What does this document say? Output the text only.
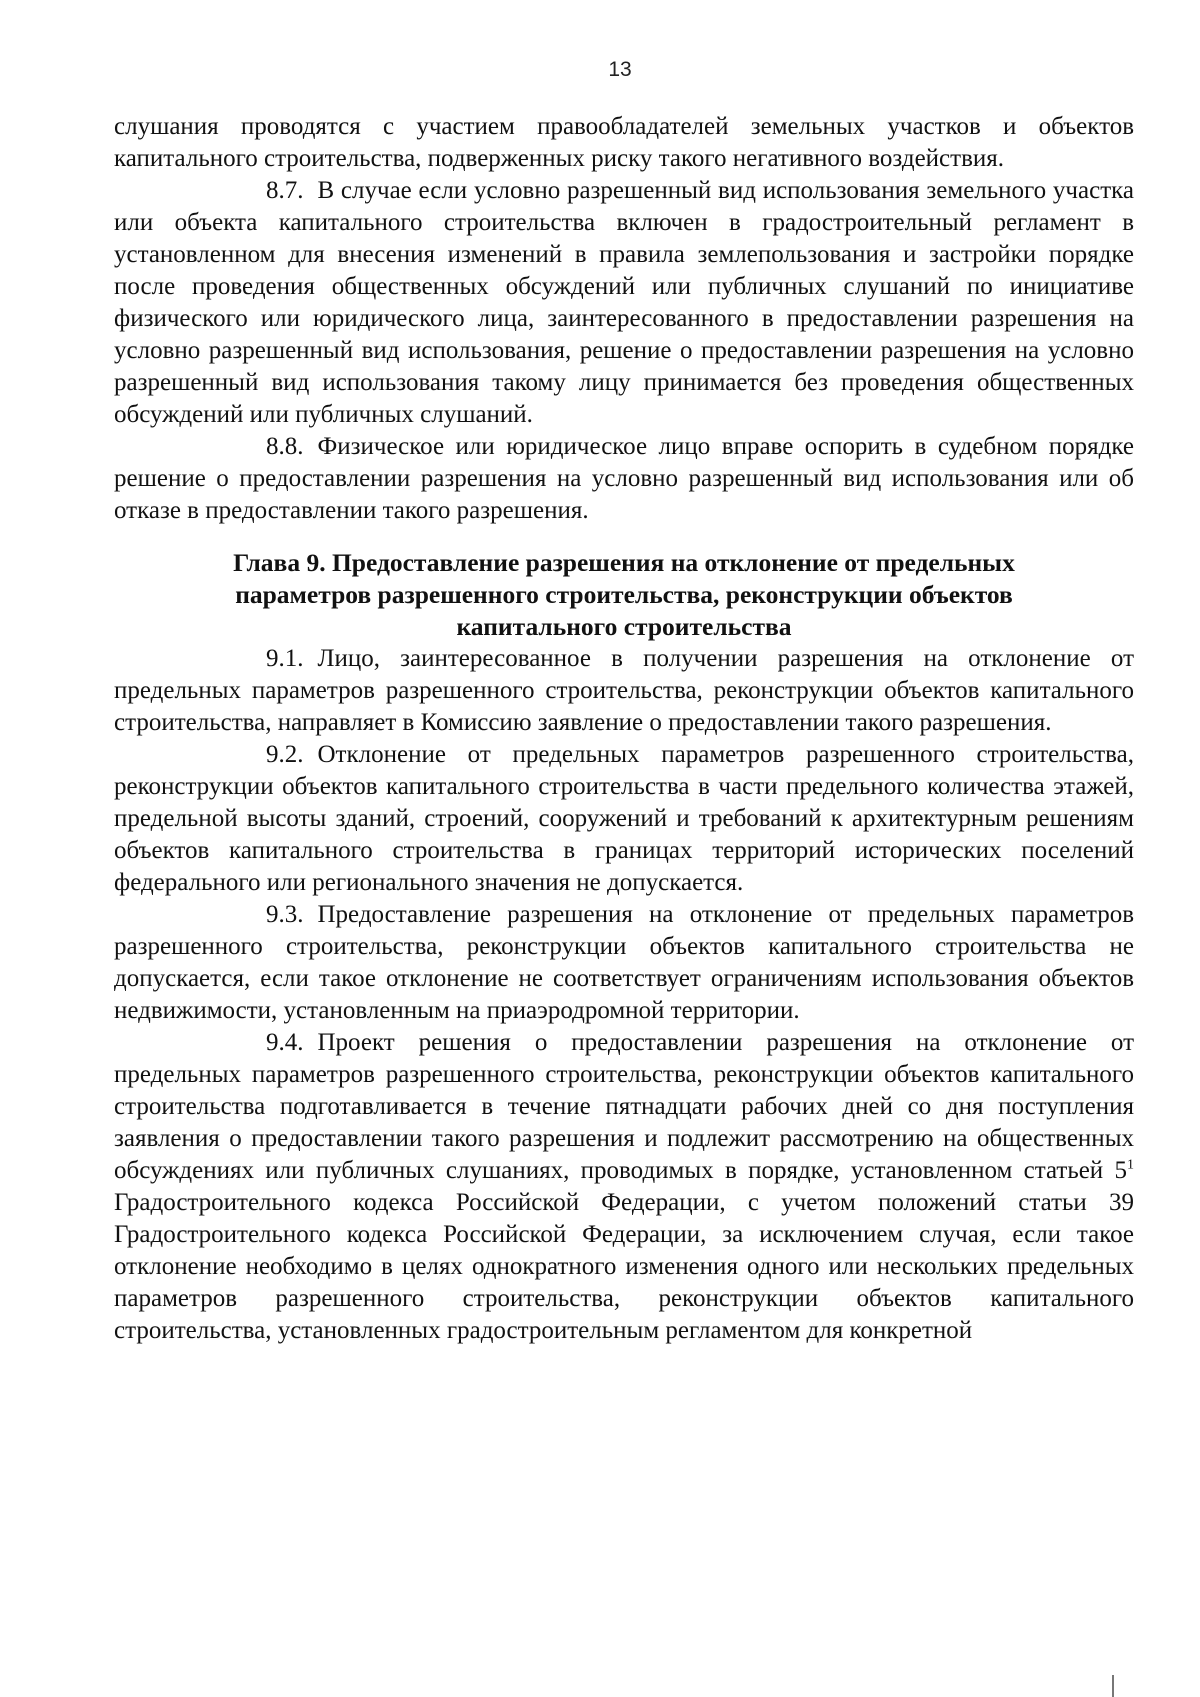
13

слушания проводятся с участием правообладателей земельных участков и объектов капитального строительства, подверженных риску такого негативного воздействия.

8.7. В случае если условно разрешенный вид использования земельного участка или объекта капитального строительства включен в градостроительный регламент в установленном для внесения изменений в правила землепользования и застройки порядке после проведения общественных обсуждений или публичных слушаний по инициативе физического или юридического лица, заинтересованного в предоставлении разрешения на условно разрешенный вид использования, решение о предоставлении разрешения на условно разрешенный вид использования такому лицу принимается без проведения общественных обсуждений или публичных слушаний.

8.8. Физическое или юридическое лицо вправе оспорить в судебном порядке решение о предоставлении разрешения на условно разрешенный вид использования или об отказе в предоставлении такого разрешения.

Глава 9. Предоставление разрешения на отклонение от предельных
параметров разрешенного строительства, реконструкции объектов
капитального строительства

9.1. Лицо, заинтересованное в получении разрешения на отклонение от предельных параметров разрешенного строительства, реконструкции объектов капитального строительства, направляет в Комиссию заявление о предоставлении такого разрешения.

9.2. Отклонение от предельных параметров разрешенного строительства, реконструкции объектов капитального строительства в части предельного количества этажей, предельной высоты зданий, строений, сооружений и требований к архитектурным решениям объектов капитального строительства в границах территорий исторических поселений федерального или регионального значения не допускается.

9.3. Предоставление разрешения на отклонение от предельных параметров разрешенного строительства, реконструкции объектов капитального строительства не допускается, если такое отклонение не соответствует ограничениям использования объектов недвижимости, установленным на приаэродромной территории.

9.4. Проект решения о предоставлении разрешения на отклонение от предельных параметров разрешенного строительства, реконструкции объектов капитального строительства подготавливается в течение пятнадцати рабочих дней со дня поступления заявления о предоставлении такого разрешения и подлежит рассмотрению на общественных обсуждениях или публичных слушаниях, проводимых в порядке, установленном статьей $5^1$ Градостроительного кодекса Российской Федерации, с учетом положений статьи 39 Градостроительного кодекса Российской Федерации, за исключением случая, если такое отклонение необходимо в целях однократного изменения одного или нескольких предельных параметров разрешенного строительства, реконструкции объектов капитального строительства, установленных градостроительным регламентом для конкретной
